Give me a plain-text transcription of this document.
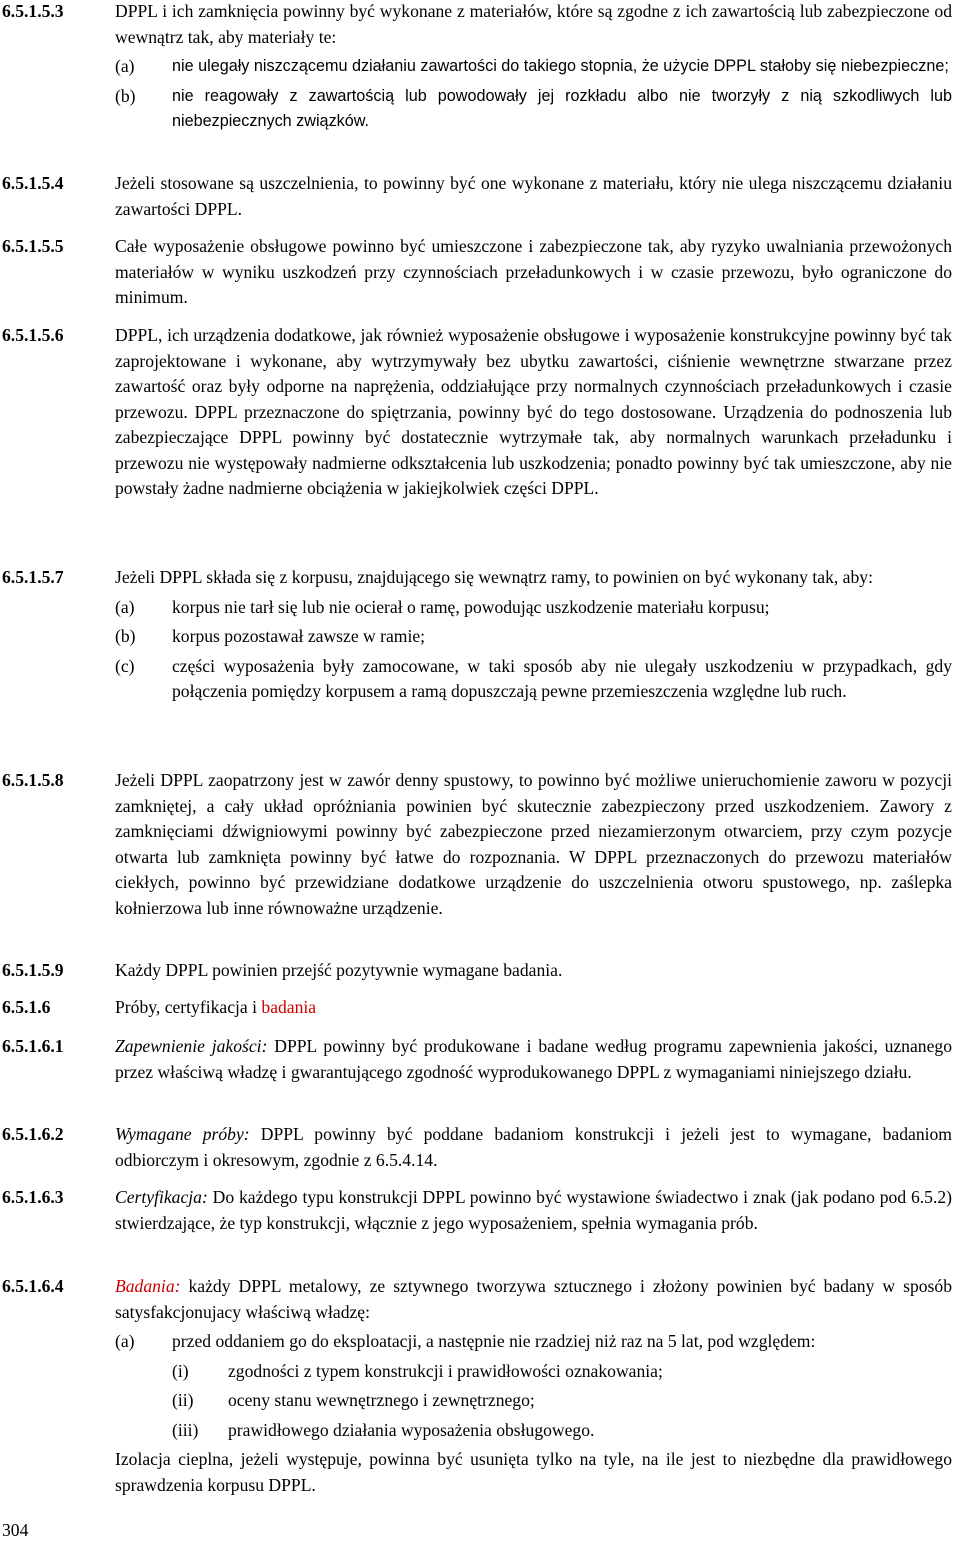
6.5.1.5.3	DPPL i ich zamknięcia powinny być wykonane z materiałów, które są zgodne z ich zawartością lub zabezpieczone od wewnątrz tak, aby materiały te:
(a)	nie ulegały niszczącemu działaniu zawartości do takiego stopnia, że użycie DPPL stałoby się niebezpieczne;
(b)	nie reagowały z zawartością lub powodowały jej rozkładu albo nie tworzyły z nią szkodliwych lub niebezpiecznych związków.
6.5.1.5.4	Jeżeli stosowane są uszczelnienia, to powinny być one wykonane z materiału, który nie ulega niszczącemu działaniu zawartości DPPL.
6.5.1.5.5	Całe wyposażenie obsługowe powinno być umieszczone i zabezpieczone tak, aby ryzyko uwalniania przewożonych materiałów w wyniku uszkodzeń przy czynnościach przeładunkowych i w czasie przewozu, było ograniczone do minimum.
6.5.1.5.6	DPPL, ich urządzenia dodatkowe, jak również wyposażenie obsługowe i wyposażenie konstrukcyjne powinny być tak zaprojektowane i wykonane, aby wytrzymywały bez ubytku zawartości, ciśnienie wewnętrzne stwarzane przez zawartość oraz były odporne na naprężenia, oddziałujące przy normalnych czynnościach przeładunkowych i czasie przewozu. DPPL przeznaczone do spiętrzania, powinny być do tego dostosowane. Urządzenia do podnoszenia lub zabezpieczające DPPL powinny być dostatecznie wytrzymałe tak, aby normalnych warunkach przeładunku i przewozu nie występowały nadmierne odkształcenia lub uszkodzenia; ponadto powinny być tak umieszczone, aby nie powstały żadne nadmierne obciążenia w jakiejkolwiek części DPPL.
6.5.1.5.7	Jeżeli DPPL składa się z korpusu, znajdującego się wewnątrz ramy, to powinien on być wykonany tak, aby:
(a)	korpus nie tarł się lub nie ocierał o ramę, powodując uszkodzenie materiału korpusu;
(b)	korpus pozostawał zawsze w ramie;
(c)	części wyposażenia były zamocowane, w taki sposób aby nie ulegały uszkodzeniu w przypadkach, gdy połączenia pomiędzy korpusem a ramą dopuszczają pewne przemieszczenia względne lub ruch.
6.5.1.5.8	Jeżeli DPPL zaopatrzony jest w zawór denny spustowy, to powinno być możliwe unieruchomienie zaworu w pozycji zamkniętej, a cały układ opróżniania powinien być skutecznie zabezpieczony przed uszkodzeniem. Zawory z zamknięciami dźwigniowymi powinny być zabezpieczone przed niezamierzonym otwarciem, przy czym pozycje otwarta lub zamknięta powinny być łatwe do rozpoznania. W DPPL przeznaczonych do przewozu materiałów ciekłych, powinno być przewidziane dodatkowe urządzenie do uszczelnienia otworu spustowego, np. zaślepka kołnierzowa lub inne równoważne urządzenie.
6.5.1.5.9	Każdy DPPL powinien przejść pozytywnie wymagane badania.
6.5.1.6	Próby, certyfikacja i badania
6.5.1.6.1	Zapewnienie jakości: DPPL powinny być produkowane i badane według programu zapewnienia jakości, uznanego przez właściwą władzę i gwarantującego zgodność wyprodukowanego DPPL z wymaganiami niniejszego działu.
6.5.1.6.2	Wymagane próby: DPPL powinny być poddane badaniom konstrukcji i jeżeli jest to wymagane, badaniom odbiorczym i okresowym, zgodnie z 6.5.4.14.
6.5.1.6.3	Certyfikacja: Do każdego typu konstrukcji DPPL powinno być wystawione świadectwo i znak (jak podano pod 6.5.2) stwierdzające, że typ konstrukcji, włącznie z jego wyposażeniem, spełnia wymagania prób.
6.5.1.6.4	Badania: każdy DPPL metalowy, ze sztywnego tworzywa sztucznego i złożony powinien być badany w sposób satysfakcjonujacy właściwą władzę:
(a)	przed oddaniem go do eksploatacji, a następnie nie rzadziej niż raz na 5 lat, pod względem:
(i)	zgodności z typem konstrukcji i prawidłowości oznakowania;
(ii)	oceny stanu wewnętrznego i zewnętrznego;
(iii)	prawidłowego działania wyposażenia obsługowego.
Izolacja cieplna, jeżeli występuje, powinna być usunięta tylko na tyle, na ile jest to niezbędne dla prawidłowego sprawdzenia korpusu DPPL.
304
